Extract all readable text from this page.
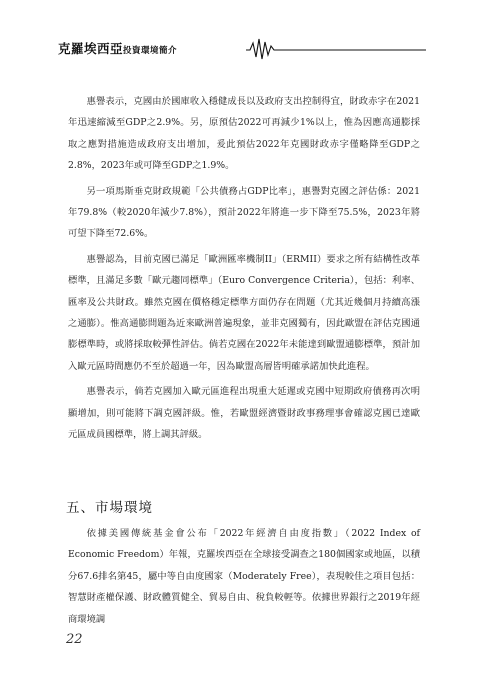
克羅埃西亞投資環境簡介

惠譽表示，克國由於國庫收入穩健成長以及政府支出控制得宜，財政赤字在2021年迅速縮減至GDP之2.9%。另，原預估2022可再減少1%以上，惟為因應高通膨採取之應對措施造成政府支出增加，爰此預估2022年克國財政赤字僅略降至GDP之2.8%，2023年或可降至GDP之1.9%。

另一項馬斯垂克財政規範「公共債務占GDP比率」，惠譽對克國之評估係：2021年79.8%（較2020年減少7.8%），預計2022年將進一步下降至75.5%，2023年將可望下降至72.6%。

惠譽認為，目前克國已滿足「歐洲匯率機制II」（ERMII）要求之所有結構性改革標準，且滿足多數「歐元趨同標準」（Euro Convergence Criteria），包括：利率、匯率及公共財政。雖然克國在價格穩定標準方面仍存在問題（尤其近幾個月持續高漲之通膨）。惟高通膨問題為近來歐洲普遍現象，並非克國獨有，因此歐盟在評估克國通膨標準時，或將採取較彈性評估。倘若克國在2022年未能達到歐盟通膨標準，預計加入歐元區時間應仍不至於超過一年，因為歐盟高層皆明確承諾加快此進程。

惠譽表示，倘若克國加入歐元區進程出現重大延遲或克國中短期政府債務再次明顯增加，則可能將下調克國評級。惟，若歐盟經濟暨財政事務理事會確認克國已達歐元區成員國標準，將上調其評級。

五、市場環境

依據美國傳統基金會公布「2022年經濟自由度指數」（2022 Index of Economic Freedom）年報，克羅埃西亞在全球接受調查之180個國家或地區，以積分67.6排名第45，屬中等自由度國家（Moderately Free），表現較佳之項目包括：智慧財產權保護、財政體質健全、貿易自由、稅負較輕等。依據世界銀行之2019年經商環境調

22
